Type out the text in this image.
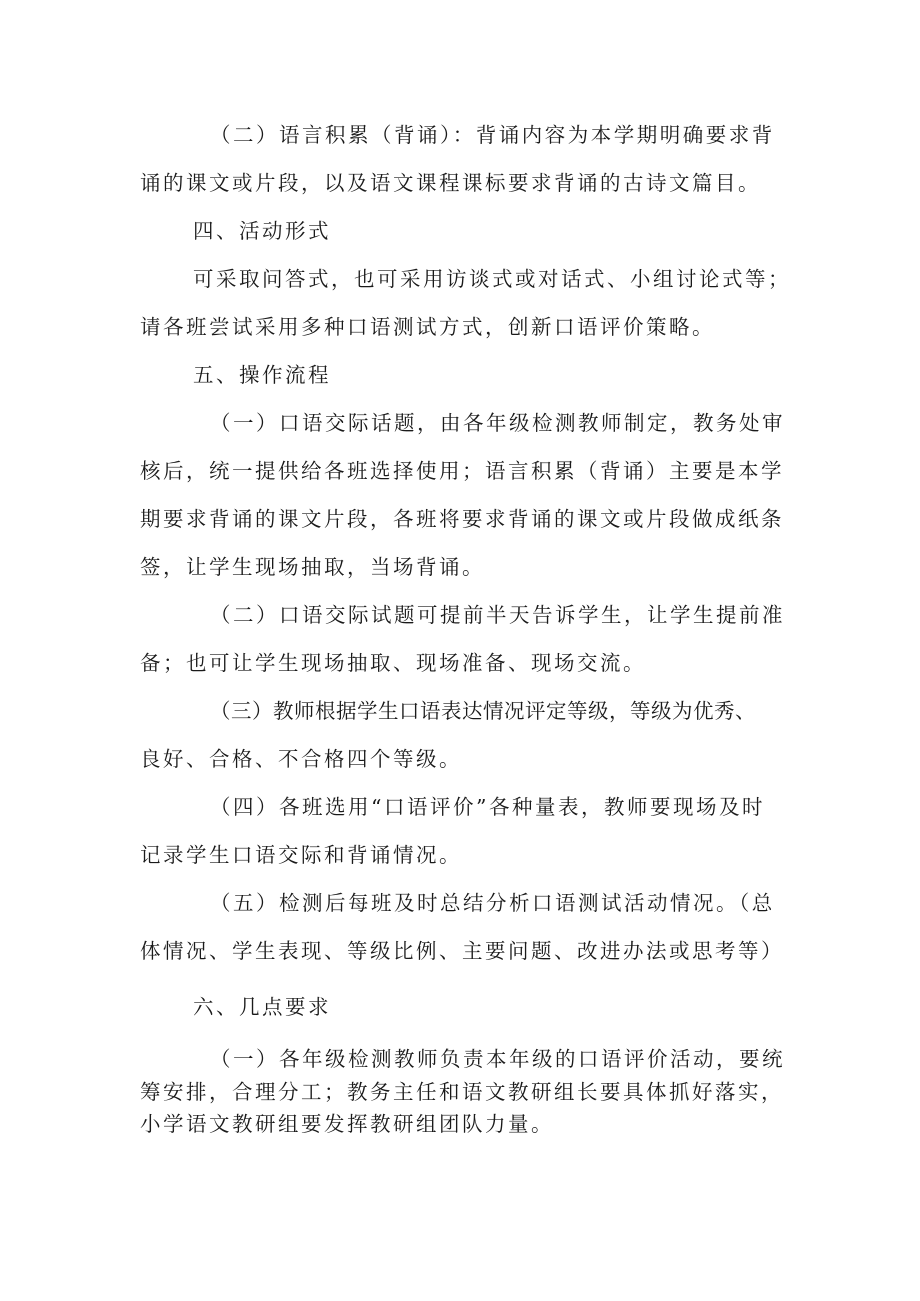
（二）语言积累（背诵）：背诵内容为本学期明确要求背
诵的课文或片段，以及语文课程课标要求背诵的古诗文篇目。
四、活动形式
可采取问答式，也可采用访谈式或对话式、小组讨论式等；
请各班尝试采用多种口语测试方式，创新口语评价策略。
五、操作流程
（一）口语交际话题，由各年级检测教师制定，教务处审
核后，统一提供给各班选择使用；语言积累（背诵）主要是本学
期要求背诵的课文片段，各班将要求背诵的课文或片段做成纸条
签，让学生现场抽取，当场背诵。
（二）口语交际试题可提前半天告诉学生，让学生提前准
备；也可让学生现场抽取、现场准备、现场交流。
（三）教师根据学生口语表达情况评定等级，等级为优秀、
良好、合格、不合格四个等级。
（四）各班选用“口语评价”各种量表，教师要现场及时
记录学生口语交际和背诵情况。
（五）检测后每班及时总结分析口语测试活动情况。（总
体情况、学生表现、等级比例、主要问题、改进办法或思考等）
六、几点要求
（一）各年级检测教师负责本年级的口语评价活动，要统
筹安排，合理分工；教务主任和语文教研组长要具体抓好落实，
小学语文教研组要发挥教研组团队力量。
